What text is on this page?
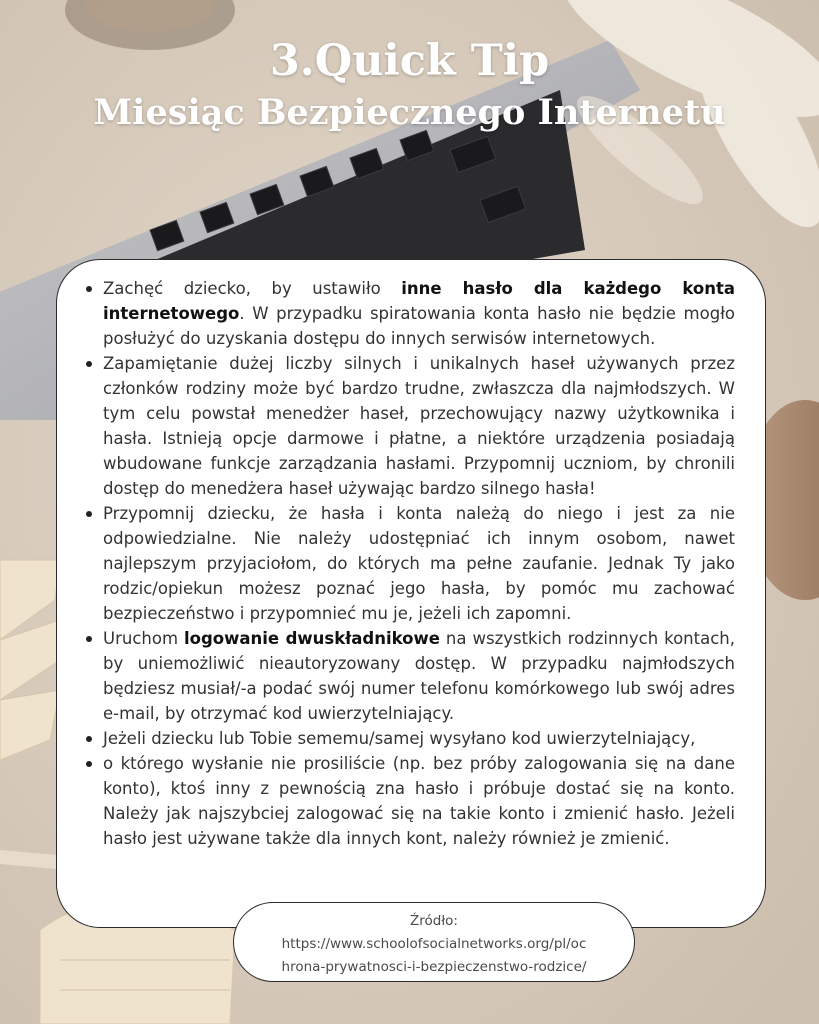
3.Quick Tip
Miesiąc Bezpiecznego Internetu
Zachęć dziecko, by ustawiło inne hasło dla każdego konta internetowego. W przypadku spiratowania konta hasło nie będzie mogło posłużyć do uzyskania dostępu do innych serwisów internetowych.
Zapamiętanie dużej liczby silnych i unikalnych haseł używanych przez członków rodziny może być bardzo trudne, zwłaszcza dla najmłodszych. W tym celu powstał menedżer haseł, przechowujący nazwy użytkownika i hasła. Istnieją opcje darmowe i płatne, a niektóre urządzenia posiadają wbudowane funkcje zarządzania hasłami. Przypomnij uczniom, by chronili dostęp do menedżera haseł używając bardzo silnego hasła!
Przypomnij dziecku, że hasła i konta należą do niego i jest za nie odpowiedzialne. Nie należy udostępniać ich innym osobom, nawet najlepszym przyjaciołom, do których ma pełne zaufanie. Jednak Ty jako rodzic/opiekun możesz poznać jego hasła, by pomóc mu zachować bezpieczeństwo i przypomnieć mu je, jeżeli ich zapomni.
Uruchom logowanie dwuskładnikowe na wszystkich rodzinnych kontach, by uniemożliwić nieautoryzowany dostęp. W przypadku najmłodszych będziesz musiał/-a podać swój numer telefonu komórkowego lub swój adres e-mail, by otrzymać kod uwierzytelniający.
Jeżeli dziecku lub Tobie sememu/samej wysyłano kod uwierzytelniający,
o którego wysłanie nie prosiliście (np. bez próby zalogowania się na dane konto), ktoś inny z pewnością zna hasło i próbuje dostać się na konto. Należy jak najszybciej zalogować się na takie konto i zmienić hasło. Jeżeli hasło jest używane także dla innych kont, należy również je zmienić.
Źródło:
https://www.schoolofsocialnetworks.org/pl/oc
hrona-prywatnosci-i-bezpieczenstwo-rodzice/
